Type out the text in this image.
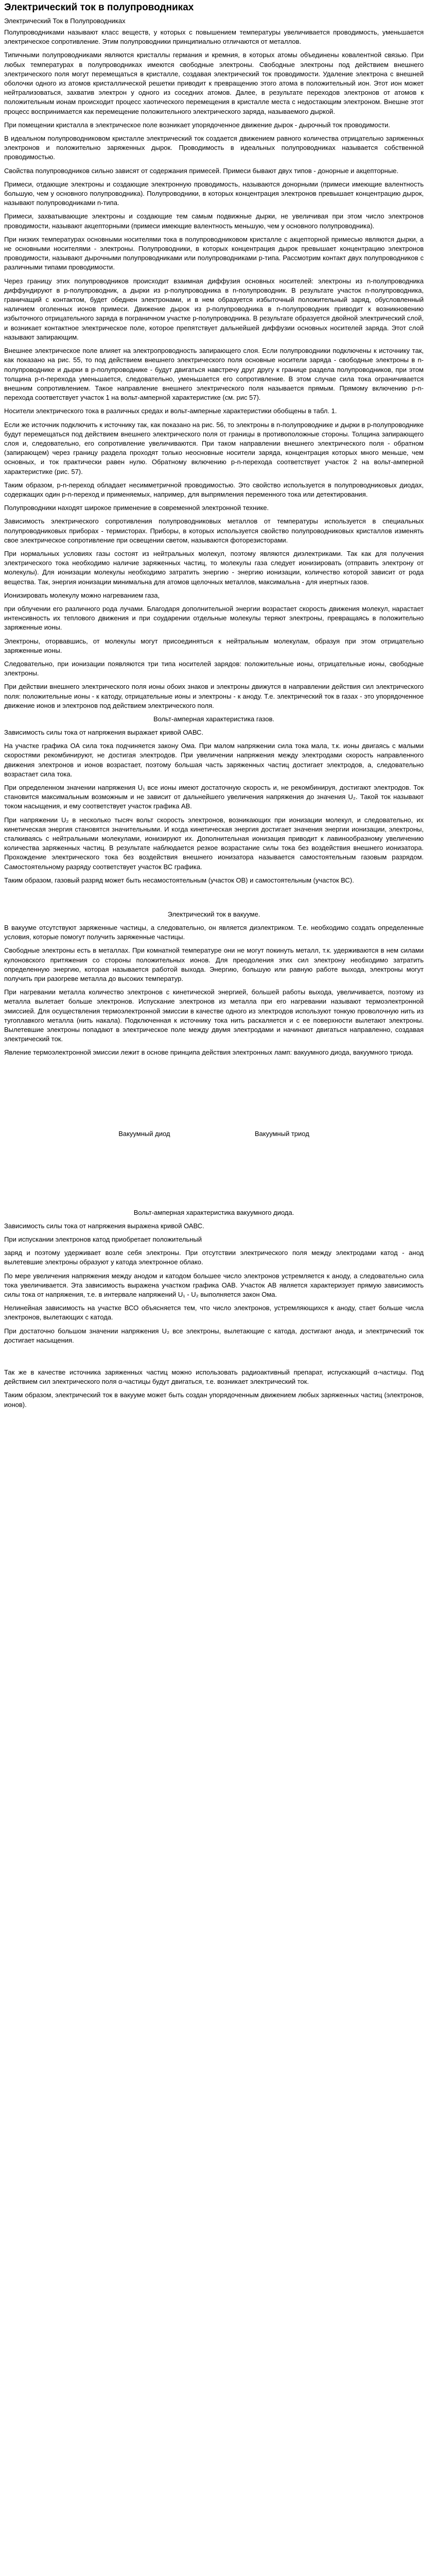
Электрический ток в полупроводниках
Электрический Ток в Полупроводниках

Полупроводниками называют класс веществ, у которых с повышением температуры увеличивается проводимость, уменьшается электрическое сопротивление. Этим полупроводники принципиально отличаются от металлов.

Типичными полупроводниками являются кристаллы германия и кремния, в которых атомы объединены ковалентной связью. При любых температурах в полупроводниках имеются свободные электроны. Свободные электроны под действием внешнего электрического поля могут перемещаться в кристалле, создавая электрический ток проводимости. Удаление электрона с внешней оболочки одного из атомов кристаллической решетки приводит к превращению этого атома в положительный ион. Этот ион может нейтрализоваться, захватив электрон у одного из соседних атомов. Далее, в результате переходов электронов от атомов к положительным ионам происходит процесс хаотического перемещения в кристалле места с недостающим электроном. Внешне этот процесс воспринимается как перемещение положительного электрического заряда, называемого дыркой.

При помещении кристалла в электрическое поле возникает упорядоченное движение дырок - дырочный ток проводимости.

В идеальном полупроводниковом кристалле электрический ток создается движением равного количества отрицательно заряженных электронов и положительно заряженных дырок. Проводимость в идеальных полупроводниках называется собственной проводимостью.

Свойства полупроводников сильно зависят от содержания примесей. Примеси бывают двух типов - донорные и акцепторные.

Примеси, отдающие электроны и создающие электронную проводимость, называются донорными (примеси имеющие валентность большую, чем у основного полупроводника). Полупроводники, в которых концентрация электронов превышает концентрацию дырок, называют полупроводниками n-типа.

Примеси, захватывающие электроны и создающие тем самым подвижные дырки, не увеличивая при этом число электронов проводимости, называют акцепторными (примеси имеющие валентность меньшую, чем у основного полупроводника).

При низких температурах основными носителями тока в полупроводниковом кристалле с акцепторной примесью являются дырки, а не основными носителями - электроны. Полупроводники, в которых концентрация дырок превышает концентрацию электронов проводимости, называют дырочными полупроводниками или полупроводниками p-типа. Рассмотрим контакт двух полупроводников с различными типами проводимости.

Через границу этих полупроводников происходит взаимная диффузия основных носителей: электроны из n-полупроводника диффундируют в p-полупроводник, а дырки из p-полупроводника в n-полупроводник. В результате участок n-полупроводника, граничащий с контактом, будет обеднен электронами, и в нем образуется избыточный положительный заряд, обусловленный наличием оголенных ионов примеси. Движение дырок из p-полупроводника в n-полупроводник приводит к возникновению избыточного отрицательного заряда в пограничном участке p-полупроводника. В результате образуется двойной электрический слой, и возникает контактное электрическое поле, которое препятствует дальнейшей диффузии основных носителей заряда. Этот слой называют запирающим.

Внешнее электрическое поле влияет на электропроводность запирающего слоя. Если полупроводники подключены к источнику так, как показано на рис. 55, то под действием внешнего электрического поля основные носители заряда - свободные электроны в n-полупроводнике и дырки в p-полупроводнике - будут двигаться навстречу друг другу к границе раздела полупроводников, при этом толщина p-n-перехода уменьшается, следовательно, уменьшается его сопротивление. В этом случае сила тока ограничивается внешним сопротивлением. Такое направление внешнего электрического поля называется прямым. Прямому включению p-n-перехода соответствует участок 1 на вольт-амперной характеристике (см. рис 57).

Носители электрического тока в различных средах и вольт-амперные характеристики обобщены в табл. 1.

Если же источник подключить к источнику так, как показано на рис. 56, то электроны в n-полупроводнике и дырки в p-полупроводнике будут перемещаться под действием внешнего электрического поля от границы в противоположные стороны. Толщина запирающего слоя и, следовательно, его сопротивление увеличиваются. При таком направлении внешнего электрического поля - обратном (запирающем) через границу раздела проходят только неосновные носители заряда, концентрация которых много меньше, чем основных, и ток практически равен нулю. Обратному включению p-n-перехода соответствует участок 2 на вольт-амперной характеристике (рис. 57).

Таким образом, p-n-переход обладает несимметричной проводимостью. Это свойство используется в полупроводниковых диодах, содержащих один p-n-переход и применяемых, например, для выпрямления переменного тока или детектирования.

Полупроводники находят широкое применение в современной электронной технике.

Зависимость электрического сопротивления полупроводниковых металлов от температуры используется в специальных полупроводниковых приборах - термисторах. Приборы, в которых используется свойство полупроводниковых кристаллов изменять свое электрическое сопротивление при освещении светом, называются фоторезисторами.

При нормальных условиях газы состоят из нейтральных молекул, поэтому являются диэлектриками. Так как для получения электрического тока необходимо наличие заряженных частиц, то молекулы газа следует ионизировать (отправить электрону от молекулы). Для ионизации молекулы необходимо затратить энергию - энергию ионизации, количество которой зависит от рода вещества. Так, энергия ионизации минимальна для атомов щелочных металлов, максимальна - для инертных газов.

Ионизировать молекулу можно нагреванием газа,

при облучении его различного рода лучами. Благодаря дополнительной энергии возрастает скорость движения молекул, нарастает интенсивность их теплового движения и при соударении отдельные молекулы теряют электроны, превращаясь в положительно заряженные ионы.

Электроны, оторвавшись, от молекулы могут присоединяться к нейтральным молекулам, образуя при этом отрицательно заряженные ионы.

Следовательно, при ионизации появляются три типа носителей зарядов: положительные ионы, отрицательные ионы, свободные электроны.

При действии внешнего электрического поля ионы обоих знаков и электроны движутся в направлении действия сил электрического поля: положительные ионы - к катоду, отрицательные ионы и электроны - к аноду. Т.е. электрический ток в газах - это упорядоченное движение ионов и электронов под действием электрического поля.

Вольт-амперная характеристика газов.

Зависимость силы тока от напряжения выражает кривой ОАВС.

На участке графика ОА сила тока подчиняется закону Ома. При малом напряжении сила тока мала, т.к. ионы двигаясь с малыми скоростями рекомбинируют, не достигая электродов. При увеличении напряжения между электродами скорость направленного движения электронов и ионов возрастает, поэтому большая часть заряженных частиц достигает электродов, а, следовательно возрастает сила тока.

При определенном значении напряжения U₁ все ионы имеют достаточную скорость и, не рекомбинируя, достигают электродов. Ток становится максимальным возможным и не зависит от дальнейшего увеличения напряжения до значения U₂. Такой ток называют током насыщения, и ему соответствует участок графика АВ.

При напряжении U₂ в несколько тысяч вольт скорость электронов, возникающих при ионизации молекул, и следовательно, их кинетическая энергия становятся значительными. И когда кинетическая энергия достигает значения энергии ионизации, электроны, сталкиваясь с нейтральными молекулами, ионизируют их. Дополнительная ионизация приводит к лавинообразному увеличению количества заряженных частиц. В результате наблюдается резкое возрастание силы тока без воздействия внешнего ионизатора. Прохождение электрического тока без воздействия внешнего ионизатора называется самостоятельным газовым разрядом. Самостоятельному разряду соответствует участок ВС графика.

Таким образом, газовый разряд может быть несамостоятельным (участок ОВ) и самостоятельным (участок ВС).

Электрический ток в вакууме.

В вакууме отсутствуют заряженные частицы, а следовательно, он является диэлектриком. Т.е. необходимо создать определенные условия, которые помогут получить заряженные частицы.

Свободные электроны есть в металлах. При комнатной температуре они не могут покинуть металл, т.к. удерживаются в нем силами кулоновского притяжения со стороны положительных ионов. Для преодоления этих сил электрону необходимо затратить определенную энергию, которая называется работой выхода. Энергию, большую или равную работе выхода, электроны могут получить при разогреве металла до высоких температур.

При нагревании металла количество электронов с кинетической энергией, большей работы выхода, увеличивается, поэтому из металла вылетает больше электронов. Испускание электронов из металла при его нагревании называют термоэлектронной эмиссией. Для осуществления термоэлектронной эмиссии в качестве одного из электродов используют тонкую проволочную нить из тугоплавкого металла (нить накала). Подключенная к источнику тока нить раскаляется и с ее поверхности вылетают электроны. Вылетевшие электроны попадают в электрическое поле между двумя электродами и начинают двигаться направленно, создавая электрический ток.

Явление термоэлектронной эмиссии лежит в основе принципа действия электронных ламп: вакуумного диода, вакуумного триода.

Вакуумный диод	Вакуумный триод
Вольт-амперная характеристика вакуумного диода.

Зависимость силы тока от напряжения выражена кривой ОАВС.

При испускании электронов катод приобретает положительный

заряд и поэтому удерживает возле себя электроны. При отсутствии электрического поля между электродами катод - анод вылетевшие электроны образуют у катода электронное облако.

По мере увеличения напряжения между анодом и катодом большее число электронов устремляется к аноду, а следовательно сила тока увеличивается. Эта зависимость выражена участком графика ОАВ. Участок АВ является характеризует прямую зависимость силы тока от напряжения, т.е. в интервале напряжений U₁ - U₂ выполняется закон Ома.

Нелинейная зависимость на участке ВСО объясняется тем, что число электронов, устремляющихся к аноду, стает больше числа электронов, вылетающих с катода.

При достаточно большом значении напряжения U₂ все электроны, вылетающие с катода, достигают анода, и электрический ток достигает насыщения.

Так же в качестве источника заряженных частиц можно использовать радиоактивный препарат, испускающий α-частицы. Под действием сил электрического поля α-частицы будут двигаться, т.е. возникает электрический ток.

Таким образом, электрический ток в вакууме может быть создан упорядоченным движением любых заряженных частиц (электронов, ионов).
